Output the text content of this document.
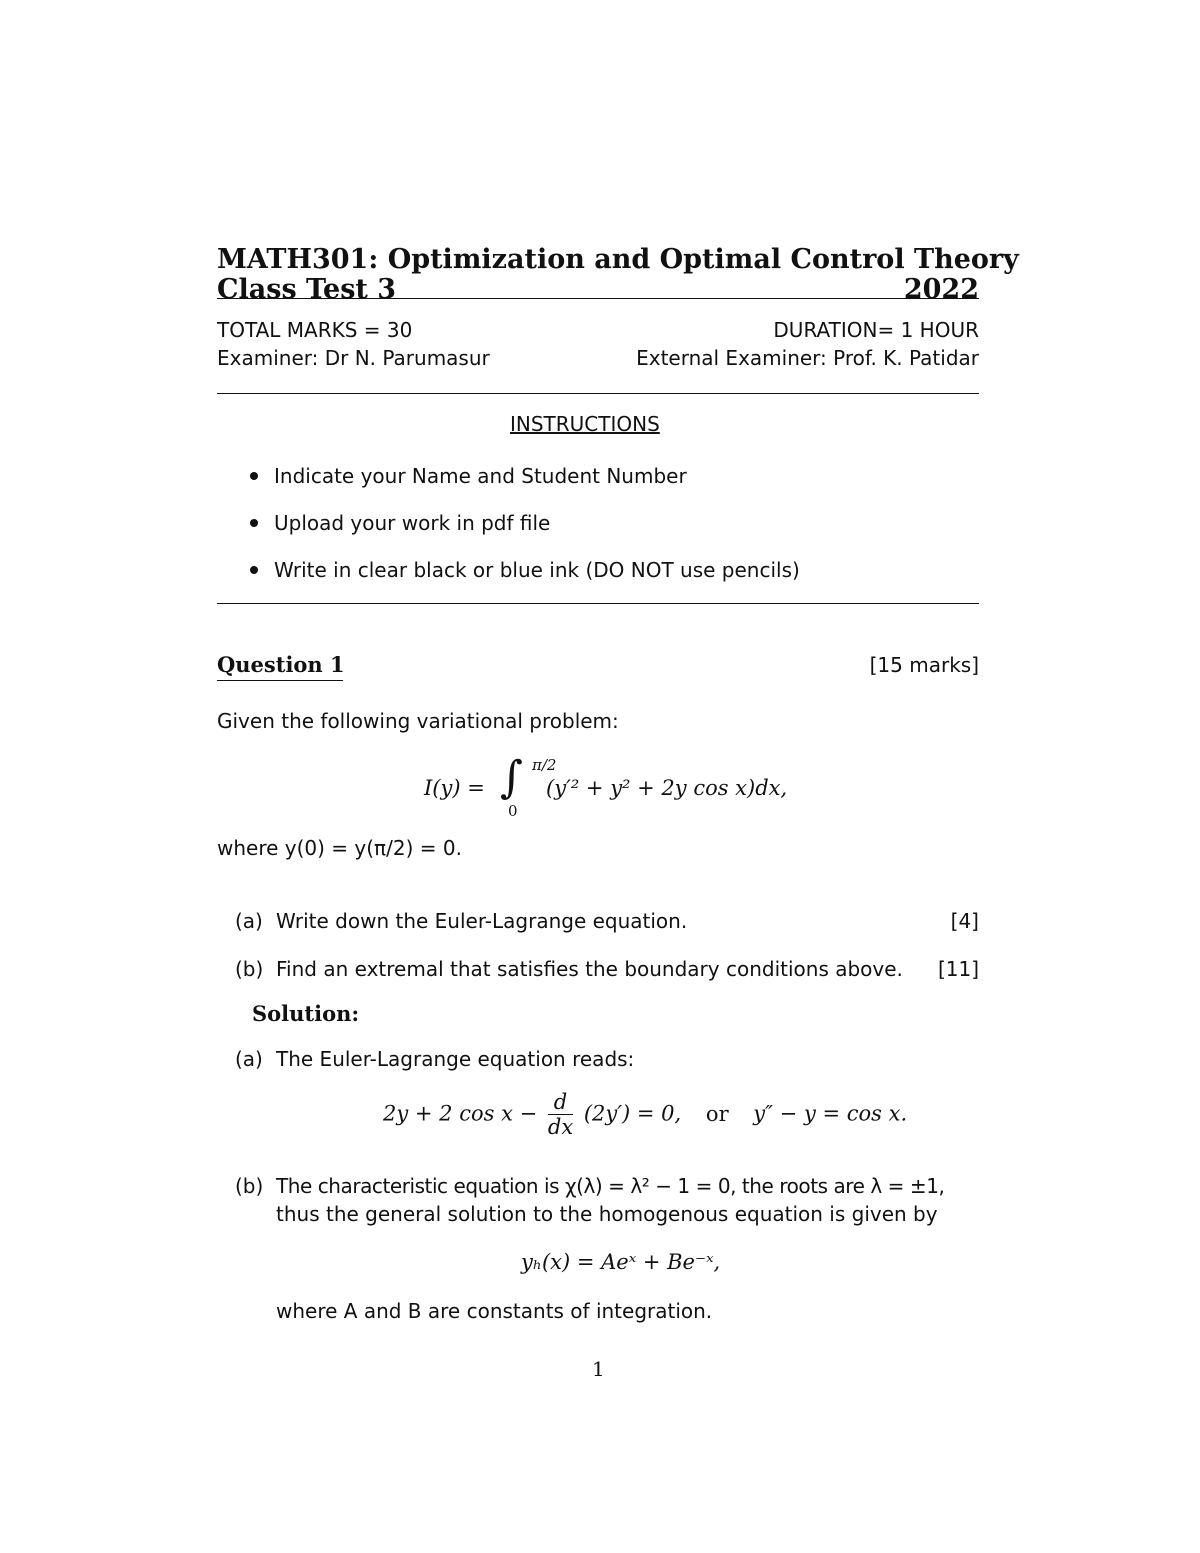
MATH301: Optimization and Optimal Control Theory
Class Test 3	2022
TOTAL MARKS = 30	DURATION= 1 HOUR
Examiner: Dr N. Parumasur	External Examiner: Prof. K. Patidar
INSTRUCTIONS
Indicate your Name and Student Number
Upload your work in pdf file
Write in clear black or blue ink (DO NOT use pencils)
Question 1	[15 marks]
Given the following variational problem:
I(y) = ∫ π/2
0
(y′² + y² + 2y cos x)dx,
where y(0) = y(π/2) = 0.
(a) Write down the Euler-Lagrange equation.	[4]
(b) Find an extremal that satisfies the boundary conditions above. [11]
Solution:
(a) The Euler-Lagrange equation reads:
2y + 2 $\cos x - \frac{d}{dx} (2y') = 0$, or y″ − y = cos x.
(b) The characteristic equation is χ(λ) = λ² − 1 = 0, the roots are λ = ±1,
thus the general solution to the homogenous equation is given by
yₕ(x) = Aeˣ + Be⁻ˣ,
where A and B are constants of integration.
1
